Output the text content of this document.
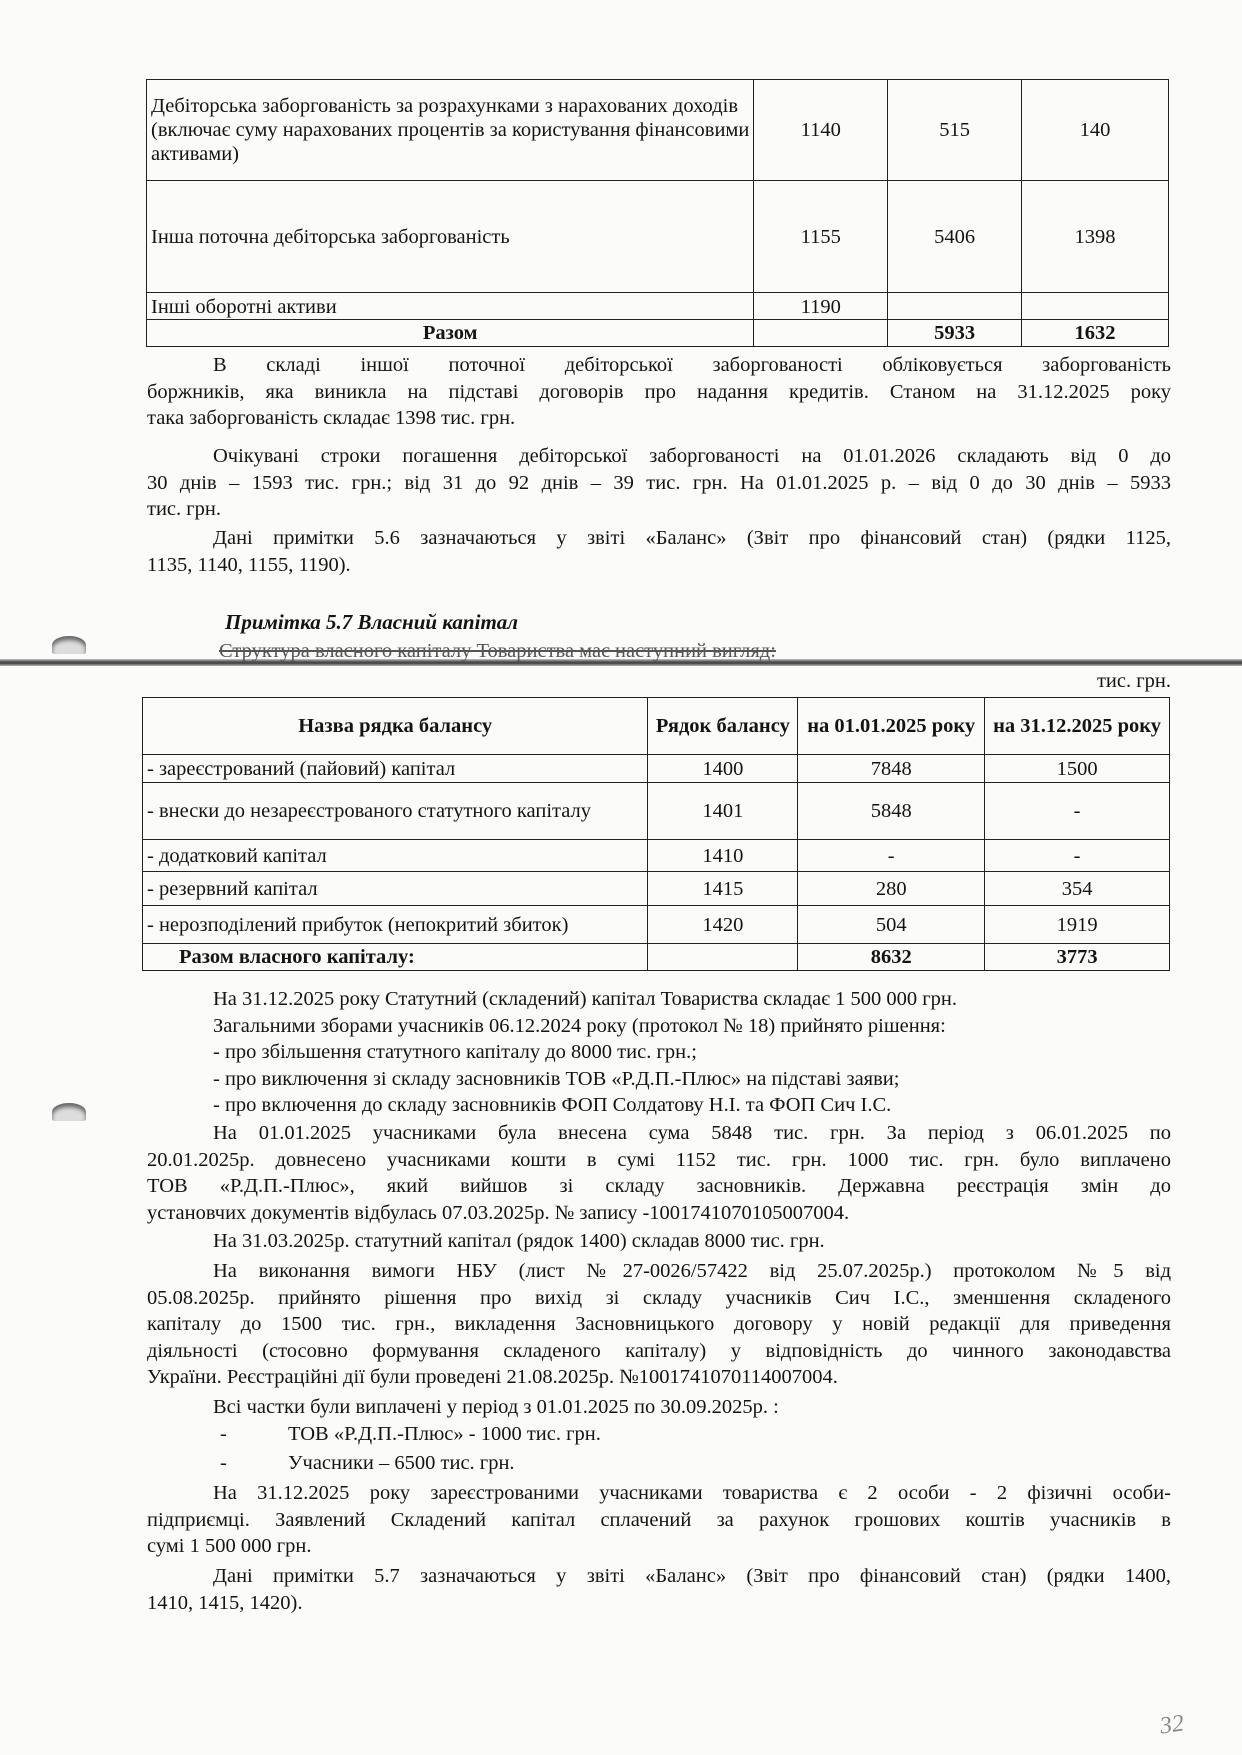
Дебіторська заборгованість за розрахунками з нарахованих доходів (включає суму нарахованих процентів за користування фінансовими активами)	1140	515	140
Інша поточна дебіторська заборгованість	1155	5406	1398
Інші оборотні активи	1190		
Разом		5933	1632
В складі іншої поточної дебіторської заборгованості обліковується заборгованість
боржників, яка виникла на підставі договорів про надання кредитів. Станом на 31.12.2025 року
така заборгованість складає 1398 тис. грн.
Очікувані строки погашення дебіторської заборгованості на 01.01.2026 складають від 0 до
30 днів – 1593 тис. грн.; від 31 до 92 днів – 39 тис. грн. На 01.01.2025 р. – від 0 до 30 днів – 5933
тис. грн.
Дані примітки 5.6 зазначаються у звіті «Баланс» (Звіт про фінансовий стан) (рядки 1125,
1135, 1140, 1155, 1190).
Примітка 5.7 Власний капітал
Структура власного капіталу Товариства має наступний вигляд:
тис. грн.
Назва рядка балансу	Рядок балансу	на 01.01.2025 року	на 31.12.2025 року
- зареєстрований (пайовий) капітал	1400	7848	1500
- внески до незареєстрованого статутного капіталу	1401	5848	-
- додатковий капітал	1410	-	-
- резервний капітал	1415	280	354
- нерозподілений прибуток (непокритий збиток)	1420	504	1919
Разом власного капіталу:		8632	3773
На 31.12.2025 року Статутний (складений) капітал Товариства складає 1 500 000 грн.
Загальними зборами учасників 06.12.2024 року (протокол № 18) прийнято рішення:
- про збільшення статутного капіталу до 8000 тис. грн.;
- про виключення зі складу засновників ТОВ «Р.Д.П.-Плюс» на підставі заяви;
- про включення до складу засновників ФОП Солдатову Н.І. та ФОП Сич І.С.
На 01.01.2025 учасниками була внесена сума 5848 тис. грн. За період з 06.01.2025 по
20.01.2025р. довнесено учасниками кошти в сумі 1152 тис. грн. 1000 тис. грн. було виплачено
ТОВ «Р.Д.П.-Плюс», який вийшов зі складу засновників. Державна реєстрація змін до
установчих документів відбулась 07.03.2025р. № запису -1001741070105007004.
На 31.03.2025р. статутний капітал (рядок 1400) складав 8000 тис. грн.
На виконання вимоги НБУ (лист №27-0026/57422 від 25.07.2025р.) протоколом №5 від
05.08.2025р. прийнято рішення про вихід зі складу учасників Сич І.С., зменшення складеного
капіталу до 1500 тис. грн., викладення Засновницького договору у новій редакції для приведення
діяльності (стосовно формування складеного капіталу) у відповідність до чинного законодавства
України. Реєстраційні дії були проведені 21.08.2025р. №1001741070114007004.
Всі частки були виплачені у період з 01.01.2025 по 30.09.2025р. :
-	ТОВ «Р.Д.П.-Плюс» - 1000 тис. грн.
-	Учасники – 6500 тис. грн.
На 31.12.2025 року зареєстрованими учасниками товариства є 2 особи - 2 фізичні особи-
підприємці. Заявлений Складений капітал сплачений за рахунок грошових коштів учасників в
сумі 1 500 000 грн.
Дані примітки 5.7 зазначаються у звіті «Баланс» (Звіт про фінансовий стан) (рядки 1400,
1410, 1415, 1420).
32
